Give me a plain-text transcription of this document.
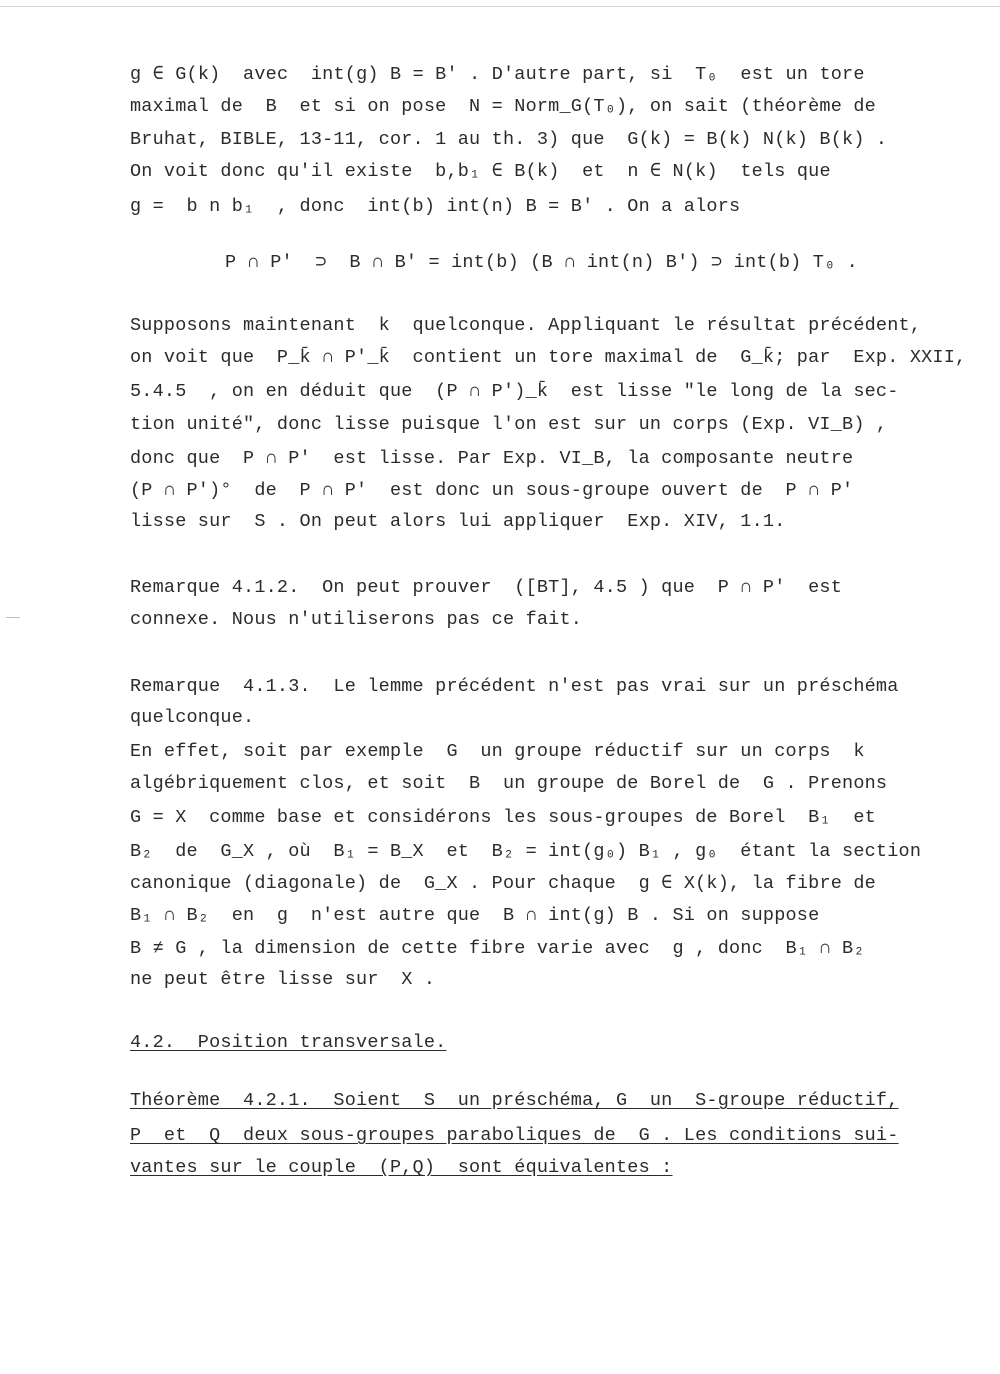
g ∈ G(k)  avec  int(g) B = B' . D'autre part, si  T₀  est un tore
maximal de  B  et si on pose  N = Norm_G(T₀), on sait (théorème de
Bruhat, BIBLE, 13-11, cor. 1 au th. 3) que  G(k) = B(k) N(k) B(k) .
On voit donc qu'il existe  b,b₁ ∈ B(k)  et  n ∈ N(k)  tels que
g =  b n b₁  , donc  int(b) int(n) B = B' . On a alors
P ∩ P'  ⊃  B ∩ B' = int(b) (B ∩ int(n) B') ⊃ int(b) T₀ .
Supposons maintenant  k  quelconque. Appliquant le résultat précédent,
on voit que  P_k̄ ∩ P'_k̄  contient un tore maximal de  G_k̄; par  Exp. XXII,
5.4.5  , on en déduit que  (P ∩ P')_k̄  est lisse "le long de la sec-
tion unité", donc lisse puisque l'on est sur un corps (Exp. VI_B) ,
donc que  P ∩ P'  est lisse. Par Exp. VI_B, la composante neutre
(P ∩ P')°  de  P ∩ P'  est donc un sous-groupe ouvert de  P ∩ P'
lisse sur  S . On peut alors lui appliquer  Exp. XIV, 1.1.
Remarque 4.1.2.  On peut prouver  ([BT], 4.5 ) que  P ∩ P'  est
connexe. Nous n'utiliserons pas ce fait.
Remarque  4.1.3.  Le lemme précédent n'est pas vrai sur un préschéma
quelconque.
En effet, soit par exemple  G  un groupe réductif sur un corps  k
algébriquement clos, et soit  B  un groupe de Borel de  G . Prenons
G = X  comme base et considérons les sous-groupes de Borel  B₁  et
B₂  de  G_X , où  B₁ = B_X  et  B₂ = int(g₀) B₁ , g₀  étant la section
canonique (diagonale) de  G_X . Pour chaque  g ∈ X(k), la fibre de
B₁ ∩ B₂  en  g  n'est autre que  B ∩ int(g) B . Si on suppose
B ≠ G , la dimension de cette fibre varie avec  g , donc  B₁ ∩ B₂
ne peut être lisse sur  X .
4.2.  Position transversale.
Théorème  4.2.1.  Soient  S  un préschéma, G  un  S-groupe réductif,
P  et  Q  deux sous-groupes paraboliques de  G . Les conditions sui-
vantes sur le couple  (P,Q)  sont équivalentes :
